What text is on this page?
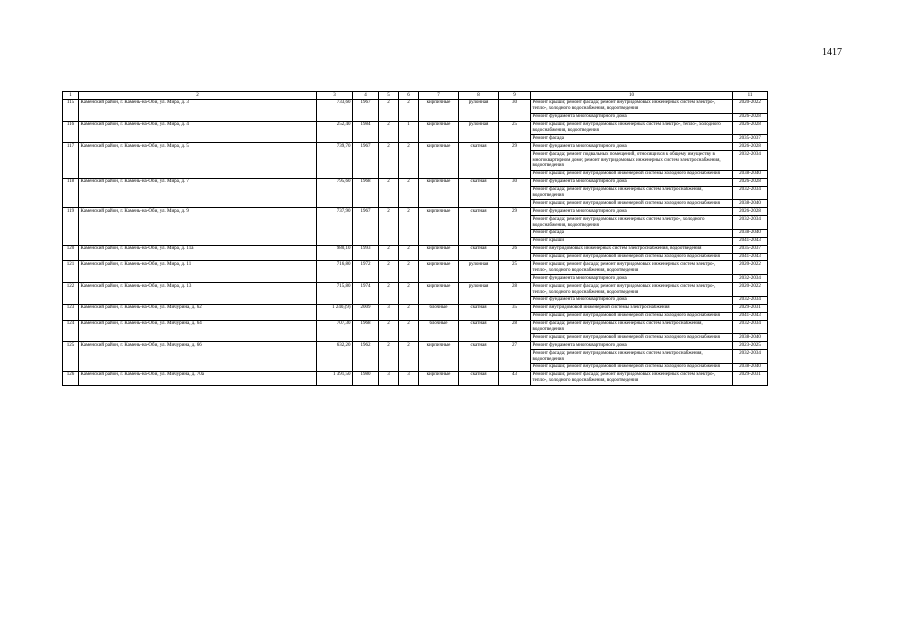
1417
1	2	3	4	5	6	7	8	9	10	11
115	Каменский район, г. Камень-на-Оби, ул. Мира, д. 3	733,60	1967	2	2	кирпичные	рулонная	30	Ремонт крыши; ремонт фасада; ремонт внутридомовых инженерных систем электро-, тепло-, холодного водоснабжения, водоотведения	2020-2022
									Ремонт фундамента многоквартирного дома	2026-2028
116	Каменский район, г. Камень-на-Оби, ул. Мира, д. 4	252,40	1984	2	1	кирпичные	рулонная	25	Ремонт крыши; ремонт внутридомовых инженерных систем электро-, тепло-, холодного водоснабжения, водоотведения	2026-2028
									Ремонт фасада	2035-2037
117	Каменский район, г. Камень-на-Оби, ул. Мира, д. 5	739,70	1967	2	2	кирпичные	скатная	29	Ремонт фундамента многоквартирного дома	2026-2028
									Ремонт фасада; ремонт подвальных помещений, относящихся к общему имуществу в многоквартирном доме; ремонт внутридомовых инженерных систем электроснабжения, водоотведения	2032-2034
									Ремонт крыши; ремонт внутридомовой инженерной системы холодного водоснабжения	2038-2040
118	Каменский район, г. Камень-на-Оби, ул. Мира, д. 7	795,60	1968	2	2	кирпичные	скатная	30	Ремонт фундамента многоквартирного дома	2026-2028
									Ремонт фасада; ремонт внутридомовых инженерных систем электроснабжения, водоотведения	2032-2034
									Ремонт крыши; ремонт внутридомовой инженерной системы холодного водоснабжения	2038-2040
119	Каменский район, г. Камень-на-Оби, ул. Мира, д. 9	737,90	1967	2	2	кирпичные	скатная	29	Ремонт фундамента многоквартирного дома	2026-2028
									Ремонт фасада; ремонт внутридомовых инженерных систем электро-, холодного водоснабжения, водоотведения	2032-2034
									Ремонт фасада	2038-2040
									Ремонт крыши	2041-2043
120	Каменский район, г. Камень-на-Оби, ул. Мира, д. 11а	980,10	1993	2	2	кирпичные	скатная	26	Ремонт внутридомовых инженерных систем электроснабжения, водоотведения	2035-2037
									Ремонт крыши; ремонт внутридомовой инженерной системы холодного водоснабжения	2041-2043
121	Каменский район, г. Камень-на-Оби, ул. Мира, д. 11	716,80	1972	2	2	кирпичные	рулонная	25	Ремонт крыши; ремонт фасада; ремонт внутридомовых инженерных систем электро-, тепло-, холодного водоснабжения, водоотведения	2020-2022
									Ремонт фундамента многоквартирного дома	2032-2034
122	Каменский район, г. Камень-на-Оби, ул. Мира, д. 13	715,80	1974	2	2	кирпичные	рулонная	28	Ремонт крыши; ремонт фасада; ремонт внутридомовых инженерных систем электро-, тепло-, холодного водоснабжения, водоотведения	2020-2022
									Ремонт фундамента многоквартирного дома	2032-2034
123	Каменский район, г. Камень-на-Оби, ул. Мичурина, д. 62	1 240,(9)	2009	3	2	блочные	скатная	35	Ремонт внутридомовой инженерной системы электроснабжения	2029-2031
									Ремонт крыши; ремонт внутридомовой инженерной системы холодного водоснабжения	2041-2043
124	Каменский район, г. Камень-на-Оби, ул. Мичурина, д. 64	707,30	1968	2	2	блочные	скатная	28	Ремонт фасада; ремонт внутридомовых инженерных систем электроснабжения, водоотведения	2032-2034
									Ремонт крыши; ремонт внутридомовой инженерной системы холодного водоснабжения	2038-2040
125	Каменский район, г. Камень-на-Оби, ул. Мичурина, д. 66	632,20	1962	2	2	кирпичные	скатная	27	Ремонт фундамента многоквартирного дома	2023-2025
									Ремонт фасада; ремонт внутридомовых инженерных систем электроснабжения, водоотведения	2032-2034
									Ремонт крыши; ремонт внутридомовой инженерной системы холодного водоснабжения	2038-2040
126	Каменский район, г. Камень-на-Оби, ул. Мичурина, д. 70а	1 391,50	1980	3	3	кирпичные	скатная	43	Ремонт крыши; ремонт фасада; ремонт внутридомовых инженерных систем электро-, тепло-, холодного водоснабжения, водоотведения	2029-2031
